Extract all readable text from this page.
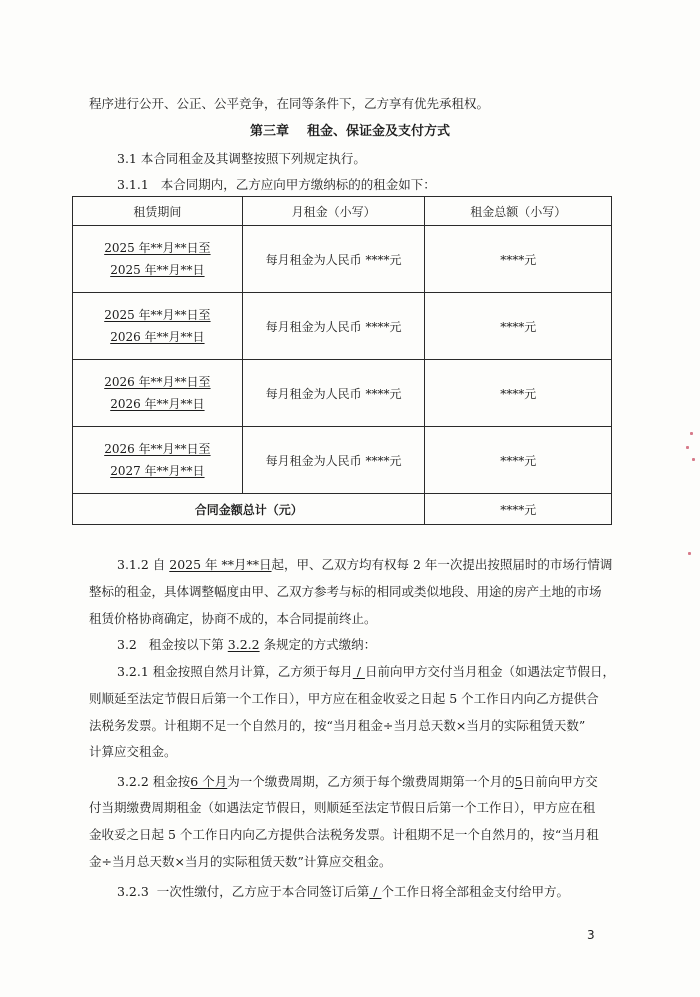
程序进行公开、公正、公平竞争，在同等条件下，乙方享有优先承租权。
第三章    租金、保证金及支付方式
3.1 本合同租金及其调整按照下列规定执行。
3.1.1   本合同期内，乙方应向甲方缴纳标的的租金如下：
租赁期间	月租金（小写）	租金总额（小写）

2025 年**月**日至
2025 年**月**日	每月租金为人民币 ****元	****元

2025 年**月**日至
2026 年**月**日	每月租金为人民币 ****元	****元

2026 年**月**日至
2026 年**月**日	每月租金为人民币 ****元	****元

2026 年**月**日至
2027 年**月**日	每月租金为人民币 ****元	****元
合同金额总计（元）		****元
3.1.2 自 2025 年 **月**日起，甲、乙双方均有权每 2 年一次提出按照届时的市场行情调
整标的租金，具体调整幅度由甲、乙双方参考与标的相同或类似地段、用途的房产土地的市场
租赁价格协商确定，协商不成的，本合同提前终止。
3.2   租金按以下第 3.2.2 条规定的方式缴纳：
3.2.1 租金按照自然月计算，乙方须于每月 / 日前向甲方交付当月租金（如遇法定节假日，
则顺延至法定节假日后第一个工作日），甲方应在租金收妥之日起 5 个工作日内向乙方提供合
法税务发票。计租期不足一个自然月的，按“当月租金÷当月总天数×当月的实际租赁天数”
计算应交租金。
3.2.2 租金按6 个月为一个缴费周期，乙方须于每个缴费周期第一个月的5日前向甲方交
付当期缴费周期租金（如遇法定节假日，则顺延至法定节假日后第一个工作日），甲方应在租
金收妥之日起 5 个工作日内向乙方提供合法税务发票。计租期不足一个自然月的，按“当月租
金÷当月总天数×当月的实际租赁天数”计算应交租金。
3.2.3  一次性缴付，乙方应于本合同签订后第 / 个工作日将全部租金支付给甲方。
3
